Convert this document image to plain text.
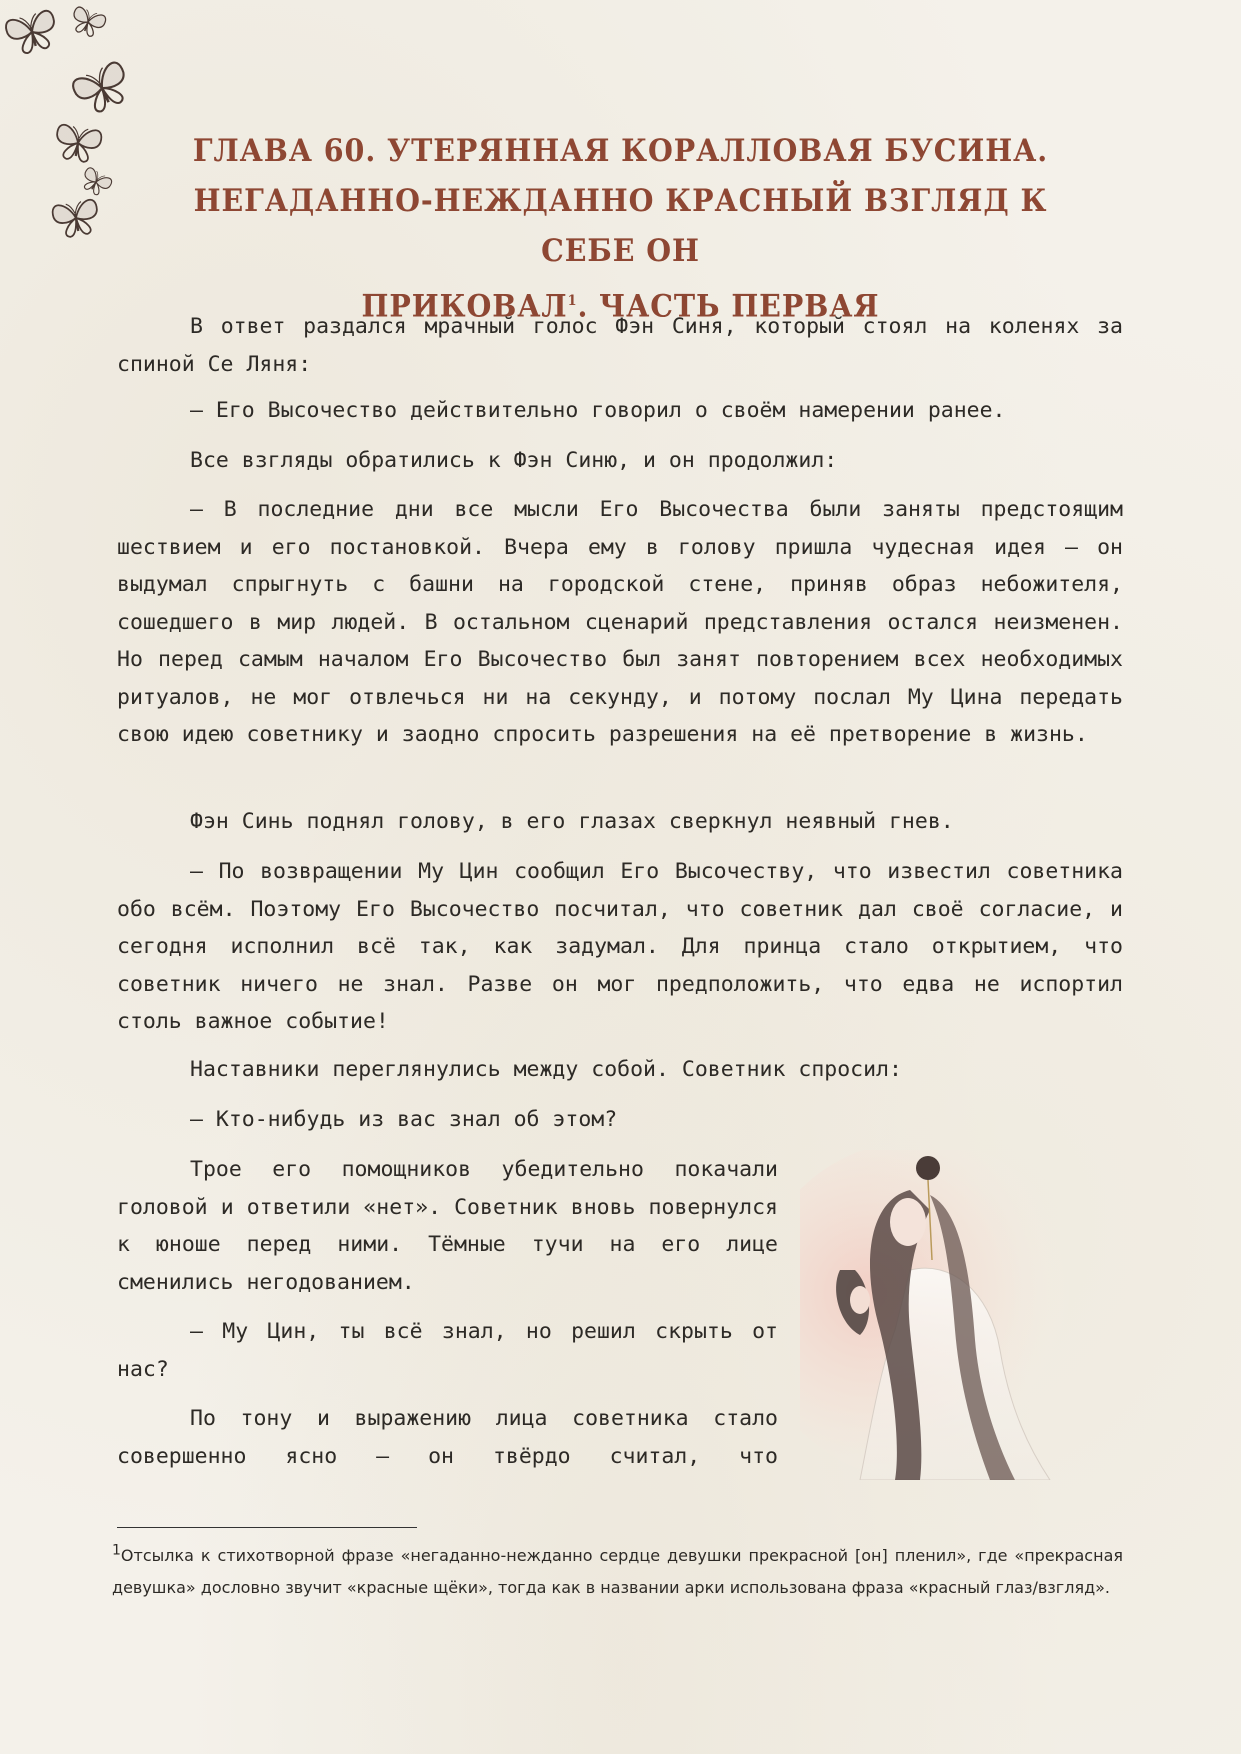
ГЛАВА 60. УТЕРЯННАЯ КОРАЛЛОВАЯ БУСИНА.
НЕГАДАННО-НЕЖДАННО КРАСНЫЙ ВЗГЛЯД К СЕБЕ ОН
ПРИКОВАЛ$^1$. ЧАСТЬ ПЕРВАЯ

В ответ раздался мрачный голос Фэн Синя, который стоял на коленях за спиной Се Ляня:

— Его Высочество действительно говорил о своём намерении ранее.

Все взгляды обратились к Фэн Синю, и он продолжил:

— В последние дни все мысли Его Высочества были заняты предстоящим шествием и его постановкой. Вчера ему в голову пришла чудесная идея — он выдумал спрыгнуть с башни на городской стене, приняв образ небожителя, сошедшего в мир людей. В остальном сценарий представления остался неизменен. Но перед самым началом Его Высочество был занят повторением всех необходимых ритуалов, не мог отвлечься ни на секунду, и потому послал Му Цина передать свою идею советнику и заодно спросить разрешения на её претворение в жизнь.

Фэн Синь поднял голову, в его глазах сверкнул неявный гнев.

— По возвращении Му Цин сообщил Его Высочеству, что известил советника обо всём. Поэтому Его Высочество посчитал, что советник дал своё согласие, и сегодня исполнил всё так, как задумал. Для принца стало открытием, что советник ничего не знал. Разве он мог предположить, что едва не испортил столь важное событие!

Наставники переглянулись между собой. Советник спросил:

— Кто-нибудь из вас знал об этом?

Трое его помощников убедительно покачали головой и ответили «нет». Советник вновь повернулся к юноше перед ними. Тёмные тучи на его лице сменились негодованием.

— Му Цин, ты всё знал, но решил скрыть от нас?

По тону и выражению лица советника стало совершенно ясно — он твёрдо считал, что

1Отсылка к стихотворной фразе «негаданно-нежданно сердце девушки прекрасной [он] пленил», где «прекрасная девушка» дословно звучит «красные щёки», тогда как в названии арки использована фраза «красный глаз/взгляд».
